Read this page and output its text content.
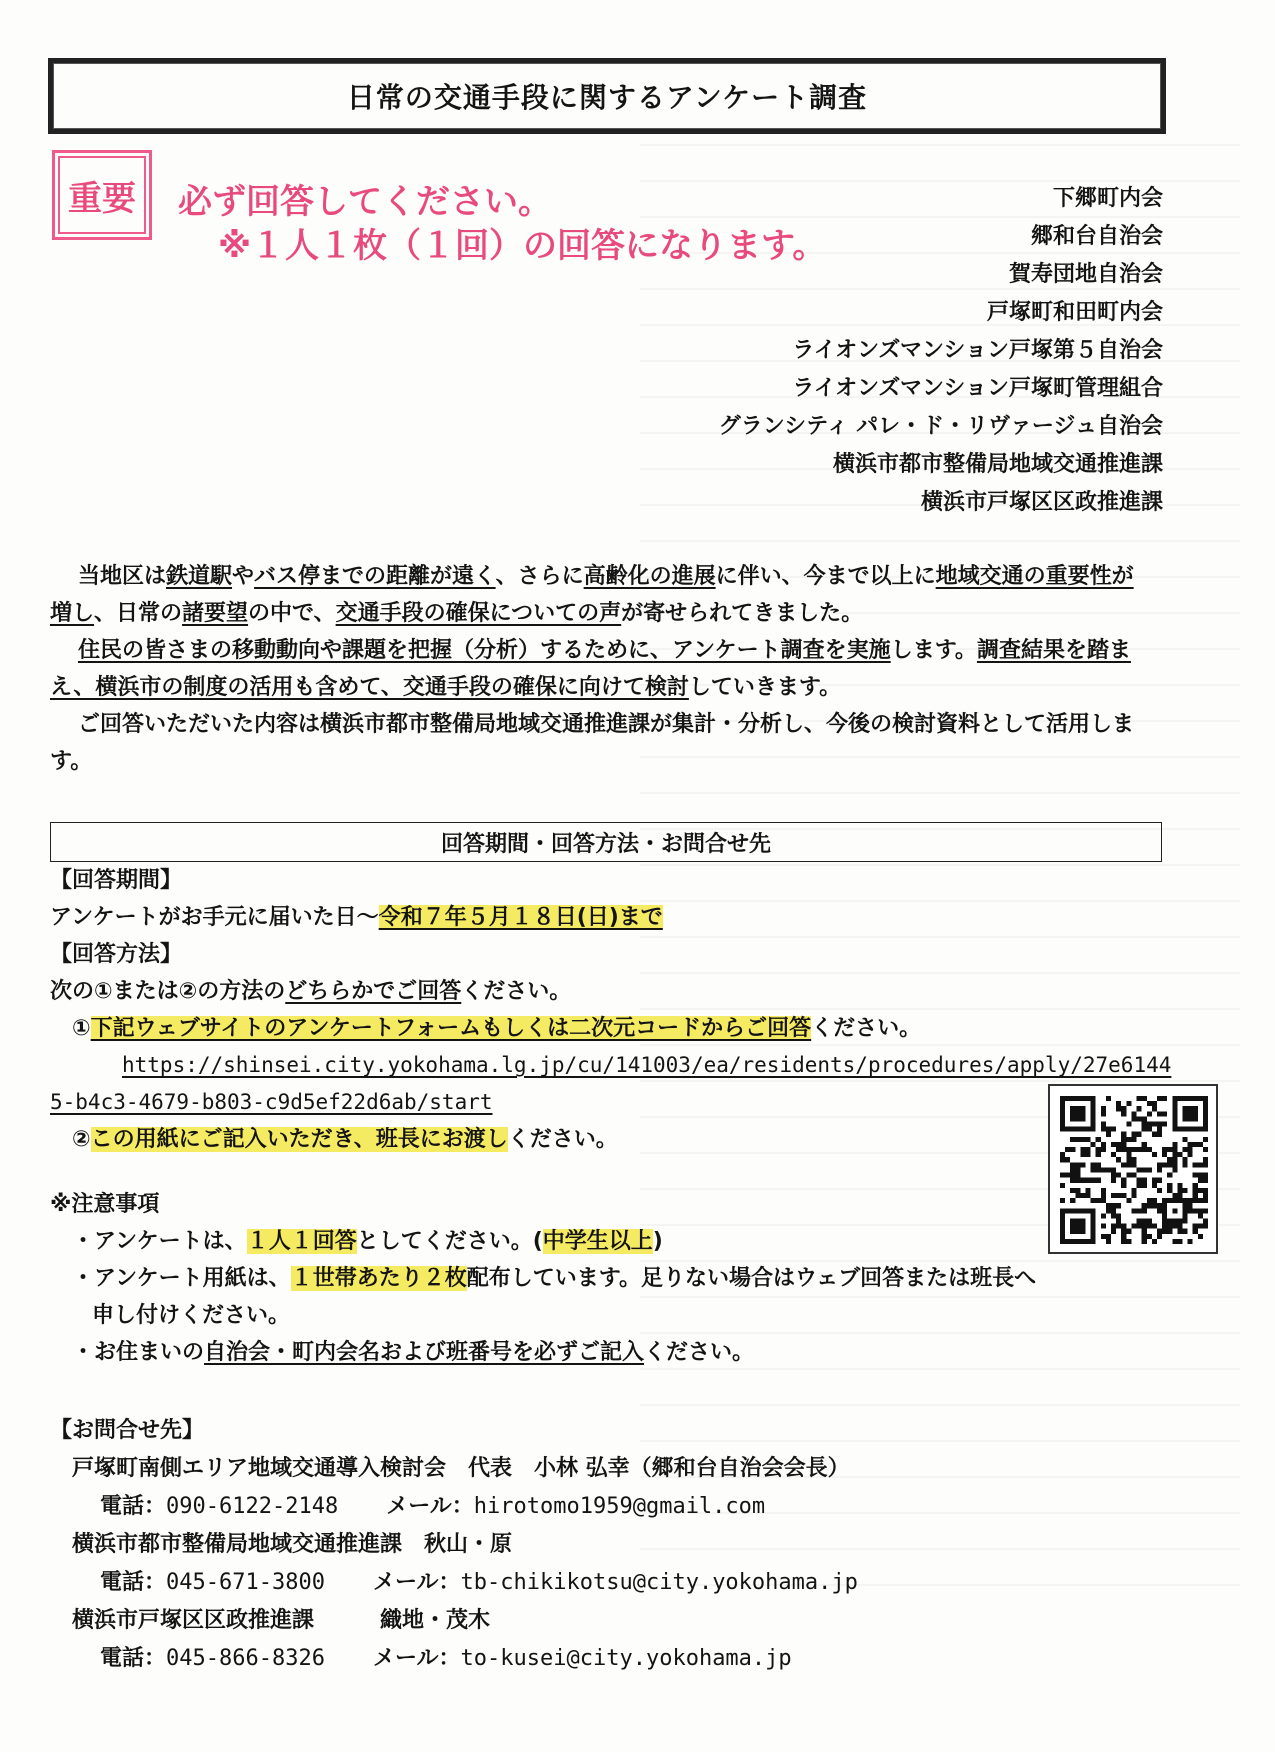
日常の交通手段に関するアンケート調査
重要	必ず回答してください。
※１人１枚（１回）の回答になります。
下郷町内会
郷和台自治会
賀寿団地自治会
戸塚町和田町内会
ライオンズマンション戸塚第５自治会
ライオンズマンション戸塚町管理組合
グランシティ パレ・ド・リヴァージュ自治会
横浜市都市整備局地域交通推進課
横浜市戸塚区区政推進課

当地区は鉄道駅やバス停までの距離が遠く、さらに高齢化の進展に伴い、今まで以上に地域交通の重要性が増し、日常の諸要望の中で、交通手段の確保についての声が寄せられてきました。

住民の皆さまの移動動向や課題を把握（分析）するために、アンケート調査を実施します。調査結果を踏まえ、横浜市の制度の活用も含めて、交通手段の確保に向けて検討していきます。

ご回答いただいた内容は横浜市都市整備局地域交通推進課が集計・分析し、今後の検討資料として活用します。

回答期間・回答方法・お問合せ先
【回答期間】
アンケートがお手元に届いた日～令和７年５月１８日(日)まで
【回答方法】
次の①または②の方法のどちらかでご回答ください。
①下記ウェブサイトのアンケートフォームもしくは二次元コードからご回答ください。
https://shinsei.city.yokohama.lg.jp/cu/141003/ea/residents/procedures/apply/27e6144
5-b4c3-4679-b803-c9d5ef22d6ab/start
②この用紙にご記入いただき、班長にお渡しください。
※注意事項
・アンケートは、１人１回答としてください。(中学生以上)
・アンケート用紙は、１世帯あたり２枚配布しています。足りない場合はウェブ回答または班長へ
申し付けください。
・お住まいの自治会・町内会名および班番号を必ずご記入ください。
【お問合せ先】
戸塚町南側エリア地域交通導入検討会　代表　小林 弘幸（郷和台自治会会長）
電話：090-6122-2148 メール：hirotomo1959@gmail.com
横浜市都市整備局地域交通推進課　秋山・原
電話：045-671-3800 メール：tb-chikikotsu@city.yokohama.jp
横浜市戸塚区区政推進課　　　織地・茂木
電話：045-866-8326 メール：to-kusei@city.yokohama.jp
